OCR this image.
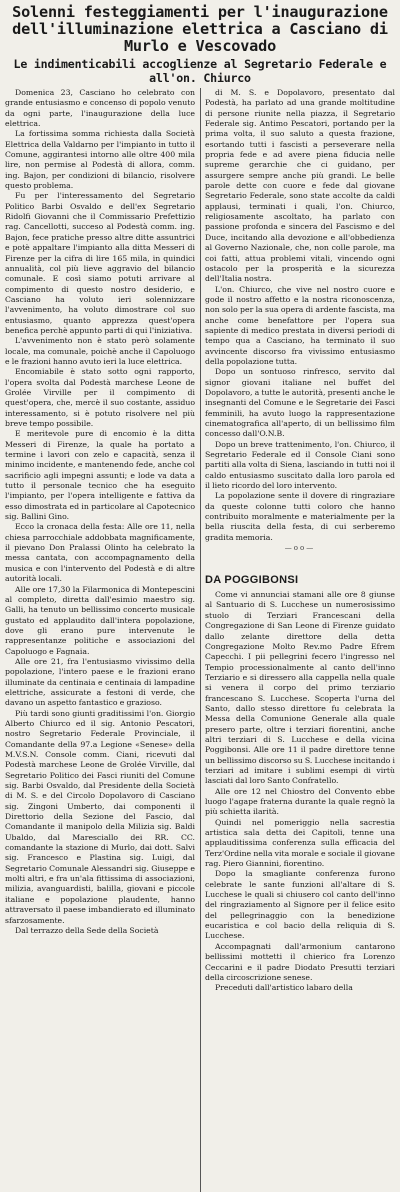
Solenni festeggiamenti per l'inaugurazione dell'illuminazione elettrica a Casciano di Murlo e Vescovado
Le indimenticabili accoglienze al Segretario Federale e all'on. Chiurco

Domenica 23, Casciano ho celebrato con grande entusiasmo e concenso di popolo venuto da ogni parte, l'inaugurazione della luce elettrica.

La fortissima somma richiesta dalla Società Elettrica della Valdarno per l'impianto in tutto il Comune, aggirantesi intorno alle oltre 400 mila lire, non permise al Podestà di allora, comm. ing. Bajon, per condizioni di bilancio, risolvere questo problema.

Fu per l'interessamento del Segretario Politico Barbi Osvaldo e dell'ex Segretario Ridolfi Giovanni che il Commissario Prefettizio rag. Cancellotti, succeso al Podestà comm. ing. Bajon, fece pratiche presso altre ditte assuntrici e potè appaltare l'impianto alla ditta Messeri di Firenze per la cifra di lire 165 mila, in quindici annualità, col più lieve aggravio del bilancio comunale. E così siamo potuti arrivare al compimento di questo nostro desiderio, e Casciano ha voluto ieri solennizzare l'avvenimento, ha voluto dimostrare col suo entusiasmo, quanto apprezza quest'opera benefica perchè appunto parti di qui l'iniziativa.

L'avvenimento non è stato però solamente locale, ma comunale, poichè anche il Capoluogo e le frazioni hanno avuto ieri la luce elettrica.

Encomiabile è stato sotto ogni rapporto, l'opera svolta dal Podestà marchese Leone de Grolée Virville per il compimento di quest'opera, che, mercè il suo costante, assiduo interessamento, si è potuto risolvere nel più breve tempo possibile.

E meritevole pure di encomio è la ditta Messeri di Firenze, la quale ha portato a termine i lavori con zelo e capacità, senza il minimo incidente, e mantenendo fede, anche col sacrificio agli impegni assunti; e lode va data a tutto il personale tecnico che ha eseguito l'impianto, per l'opera intelligente e fattiva da esso dimostrata ed in particolare al Capotecnico sig. Ballini Gino.

Ecco la cronaca della festa: Alle ore 11, nella chiesa parrocchiale addobbata magnificamente, il pievano Don Pralassi Olinto ha celebrato la messa cantata, con accompagnamento della musica e con l'intervento del Podestà e di altre autorità locali.

Alle ore 17,30 la Filarmonica di Montepescini al completo, diretta dall'esimio maestro sig. Galli, ha tenuto un bellissimo concerto musicale gustato ed applaudito dall'intera popolazione, dove gli erano pure intervenute le rappresentanze politiche e associazioni del Capoluogo e Fagnaia.

Alle ore 21, fra l'entusiasmo vivissimo della popolazione, l'intero paese e le frazioni erano illuminate da centinaia e centinaia di lampadine elettriche, assicurate a festoni di verde, che davano un aspetto fantastico e grazioso.

Più tardi sono giunti graditissimi l'on. Giorgio Alberto Chiurco ed il sig. Antonio Pescatori, nostro Segretario Federale Provinciale, il Comandante della 97.a Legione «Senese» della M.V.S.N. Console comm. Ciani, ricevuti dal Podestà marchese Leone de Grolée Virville, dal Segretario Politico dei Fasci riuniti del Comune sig. Barbi Osvaldo, dal Presidente della Società di M. S. e del Circolo Dopolavoro di Casciano sig. Zingoni Umberto, dai componenti il Direttorio della Sezione del Fascio, dal Comandante il manipolo della Milizia sig. Baldi Ubaldo, dal Maresciallo dei RR. CC. comandante la stazione di Murlo, dai dott. Salvi sig. Francesco e Plastina sig. Luigi, dal Segretario Comunale Alessandri sig. Giuseppe e molti altri, e fra un'ala fittissima di associazioni, milizia, avanguardisti, balilla, giovani e piccole italiane e popolazione plaudente, hanno attraversato il paese imbandierato ed illuminato sfarzosamente.

Dal terrazzo della Sede della Società

di M. S. e Dopolavoro, presentato dal Podestà, ha parlato ad una grande moltitudine di persone riunite nella piazza, il Segretario Federale sig. Antimo Pescatori, portando per la prima volta, il suo saluto a questa frazione, esortando tutti i fascisti a perseverare nella propria fede e ad avere piena fiducia nelle supreme gerarchie che ci guidano, per assurgere sempre anche più grandi. Le belle parole dette con cuore e fede dal giovane Segretario Federale, sono state accolte da caldi applausi, terminati i quali, l'on. Chiurco, religiosamente ascoltato, ha parlato con passione profonda e sincera del Fascismo e del Duce, incitando alla devozione e all'obbedienza al Governo Nazionale, che, non colle parole, ma coi fatti, attua problemi vitali, vincendo ogni ostacolo per la prosperità e la sicurezza dell'Italia nostra.

L'on. Chiurco, che vive nel nostro cuore e gode il nostro affetto e la nostra riconoscenza, non solo per la sua opera di ardente fascista, ma anche come benefattore per l'opera sua sapiente di medico prestata in diversi periodi di tempo qua a Casciano, ha terminato il suo avvincente discorso fra vivissimo entusiasmo della popolazione tutta.

Dopo un sontuoso rinfresco, servito dal signor giovani italiane nel buffet del Dopolavoro, a tutte le autorità, presenti anche le insegnanti del Comune e le Segretarie dei Fasci femminili, ha avuto luogo la rappresentazione cinematografica all'aperto, di un bellissimo film concesso dall'O.N.B.

Dopo un breve trattenimento, l'on. Chiurco, il Segretario Federale ed il Console Ciani sono partiti alla volta di Siena, lasciando in tutti noi il caldo entusiasmo suscitato dalla loro parola ed il lieto ricordo del loro intervento.

La popolazione sente il dovere di ringraziare da queste colonne tutti coloro che hanno contribuito moralmente e materialmente per la bella riuscita della festa, di cui serberemo gradita memoria.

—oo—
DA POGGIBONSI

Come vi annunciai stamani alle ore 8 giunse al Santuario di S. Lucchese un numerosissimo stuolo di Terziari Francescani della Congregazione di San Leone di Firenze guidato dallo zelante direttore della detta Congregazione Molto Rev.mo Padre Efrem Capecchi. I pii pellegrini fecero l'ingresso nel Tempio processionalmente al canto dell'inno Terziario e si diressero alla cappella nella quale si venera il corpo del primo terziario francescano S. Lucchese. Scoperta l'urna del Santo, dallo stesso direttore fu celebrata la Messa della Comunione Generale alla quale presero parte, oltre i terziari fiorentini, anche altri terziari di S. Lucchese e della vicina Poggibonsi. Alle ore 11 il padre direttore tenne un bellissimo discorso su S. Lucchese incitando i terziari ad imitare i sublimi esempi di virtù lasciati dal loro Santo Confratello.

Alle ore 12 nel Chiostro del Convento ebbe luogo l'agape fraterna durante la quale regnò la più schietta ilarità.

Quindi nel pomeriggio nella sacrestia artistica sala detta dei Capitoli, tenne una applauditissima conferenza sulla efficacia del Terz'Ordine nella vita morale e sociale il giovane rag. Piero Giannini, fiorentino.

Dopo la smagliante conferenza furono celebrate le sante funzioni all'altare di S. Lucchese le quali si chiusero col canto dell'inno del ringraziamento al Signore per il felice esito del pellegrinaggio con la benedizione eucaristica e col bacio della reliquia di S. Lucchese.

Accompagnati dall'armonium cantarono bellissimi mottetti il chierico fra Lorenzo Ceccarini e il padre Diodato Presutti terziari della circoscrizione senese.

Preceduti dall'artistico labaro della
